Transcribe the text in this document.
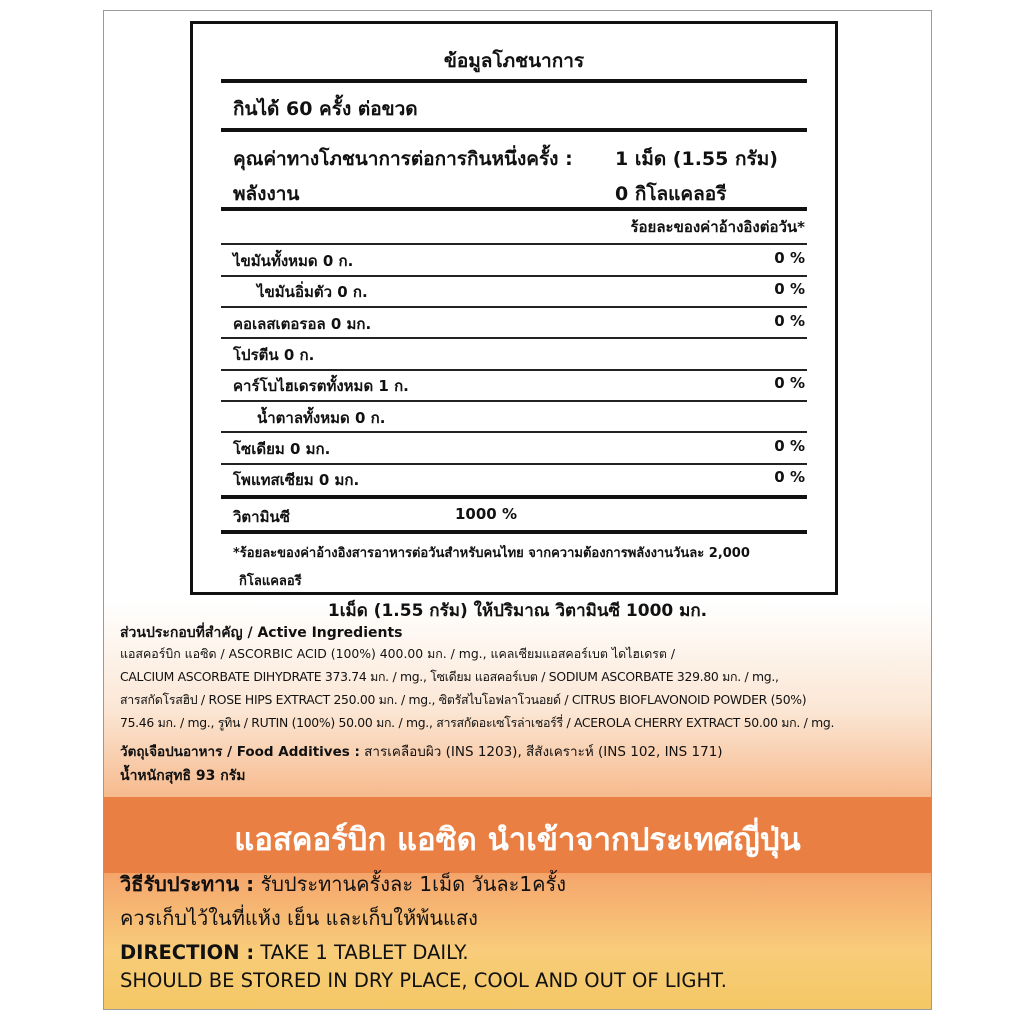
ข้อมูลโภชนาการ
กินได้ 60 ครั้ง ต่อขวด
คุณค่าทางโภชนาการต่อการกินหนึ่งครั้ง : 1 เม็ด (1.55 กรัม)
พลังงาน	0 กิโลแคลอรี
ร้อยละของค่าอ้างอิงต่อวัน*
ไขมันทั้งหมด 0 ก.	0 %
ไขมันอิ่มตัว 0 ก.	0 %
คอเลสเตอรอล 0 มก.	0 %
โปรตีน 0 ก.
คาร์โบไฮเดรตทั้งหมด 1 ก.	0 %
น้ำตาลทั้งหมด 0 ก.
โซเดียม 0 มก.	0 %
โพแทสเซียม 0 มก.	0 %
วิตามินซี	1000 %
*ร้อยละของค่าอ้างอิงสารอาหารต่อวันสำหรับคนไทย จากความต้องการพลังงานวันละ 2,000
กิโลแคลอรี
1เม็ด (1.55 กรัม) ให้ปริมาณ วิตามินซี 1000 มก.
ส่วนประกอบที่สำคัญ / Active Ingredients
แอสคอร์บิก แอซิด / ASCORBIC ACID (100%) 400.00 มก. / mg., แคลเซียมแอสคอร์เบต ไดไฮเดรต /
CALCIUM ASCORBATE DIHYDRATE 373.74 มก. / mg., โซเดียม แอสคอร์เบต / SODIUM ASCORBATE 329.80 มก. / mg.,
สารสกัดโรสฮิป / ROSE HIPS EXTRACT 250.00 มก. / mg., ซิตรัสไบโอฟลาโวนอยด์ / CITRUS BIOFLAVONOID POWDER (50%)
75.46 มก. / mg., รูทิน / RUTIN (100%) 50.00 มก. / mg., สารสกัดอะเซโรล่าเชอร์รี่ / ACEROLA CHERRY EXTRACT 50.00 มก. / mg.
วัตถุเจือปนอาหาร / Food Additives : สารเคลือบผิว (INS 1203), สีสังเคราะห์ (INS 102, INS 171)
น้ำหนักสุทธิ 93 กรัม
แอสคอร์บิก แอซิด นำเข้าจากประเทศญี่ปุ่น
วิธีรับประทาน : รับประทานครั้งละ 1เม็ด วันละ1ครั้ง
ควรเก็บไว้ในที่แห้ง เย็น และเก็บให้พ้นแสง
DIRECTION : TAKE 1 TABLET DAILY.
SHOULD BE STORED IN DRY PLACE, COOL AND OUT OF LIGHT.
